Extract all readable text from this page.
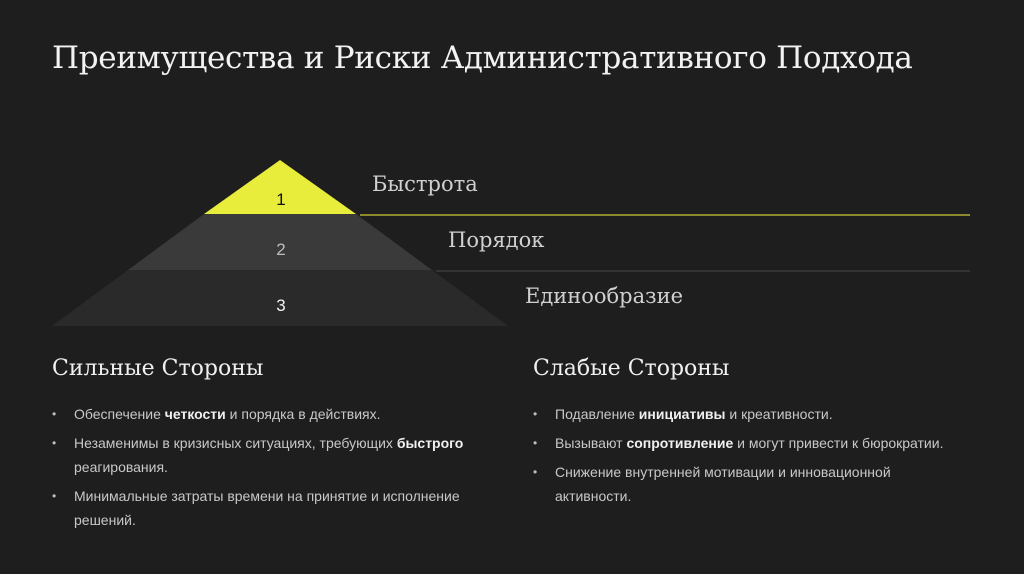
Преимущества и Риски Административного Подхода
1
2
3
Быстрота
Порядок
Единообразие
Сильные Стороны
• Обеспечение четкости и порядка в действиях.
• Незаменимы в кризисных ситуациях, требующих быстрого реагирования.
• Минимальные затраты времени на принятие и исполнение решений.
Слабые Стороны
• Подавление инициативы и креативности.
• Вызывают сопротивление и могут привести к бюрократии.
• Снижение внутренней мотивации и инновационной активности.
